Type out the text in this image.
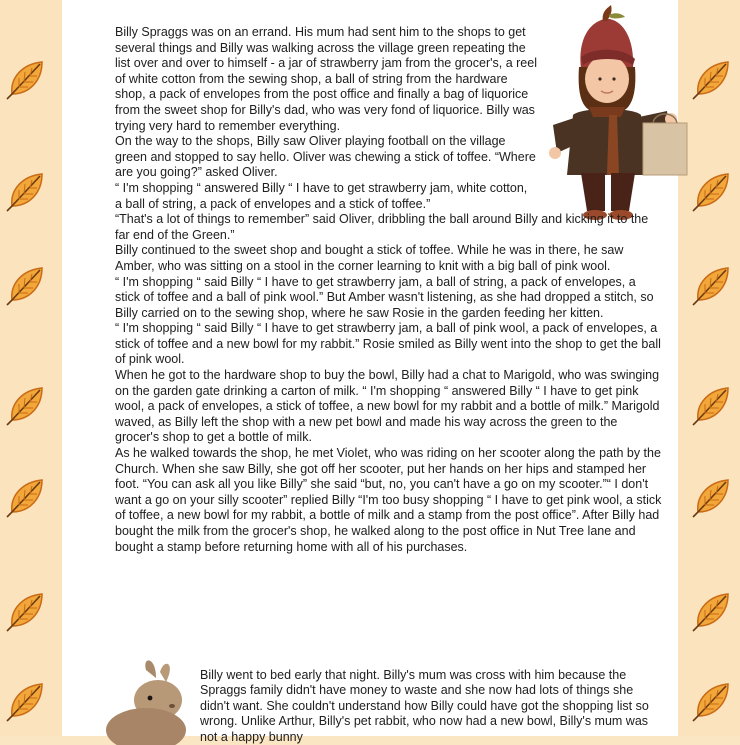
Billy Spraggs was on an errand. His mum had sent him to the shops to get several things and Billy was walking across the village green repeating the list over and over to himself - a jar of strawberry jam from the grocer's, a reel of white cotton from the sewing shop, a ball of string from the hardware shop, a pack of envelopes from the post office and finally a bag of liquorice from the sweet shop for Billy's dad, who was very fond of liquorice. Billy was trying very hard to remember everything.

On the way to the shops, Billy saw Oliver playing football on the village green and stopped to say hello. Oliver was chewing a stick of toffee. “Where are you going?” asked Oliver.

“ I'm shopping “ answered Billy “ I have to get strawberry jam, white cotton, a ball of string, a pack of envelopes and a stick of toffee.”

“That's a lot of things to remember” said Oliver, dribbling the ball around Billy and kicking it to the far end of the Green.”

Billy continued to the sweet shop and bought a stick of toffee. While he was in there, he saw Amber, who was sitting on a stool in the corner learning to knit with a big ball of pink wool.

“ I'm shopping “ said Billy “ I have to get strawberry jam, a ball of string, a pack of envelopes, a stick of toffee and a ball of pink wool.” But Amber wasn't listening, as she had dropped a stitch, so Billy carried on to the sewing shop, where he saw Rosie in the garden feeding her kitten.

“ I'm shopping “ said Billy “ I have to get strawberry jam, a ball of pink wool, a pack of envelopes, a stick of toffee and a new bowl for my rabbit.” Rosie smiled as Billy went into the shop to get the ball of pink wool.

When he got to the hardware shop to buy the bowl, Billy had a chat to Marigold, who was swinging on the garden gate drinking a carton of milk. “ I'm shopping “ answered Billy “ I have to get pink wool, a pack of envelopes, a stick of toffee, a new bowl for my rabbit and a bottle of milk.” Marigold waved, as Billy left the shop with a new pet bowl and made his way across the green to the grocer's shop to get a bottle of milk.

As he walked towards the shop, he met Violet, who was riding on her scooter along the path by the Church. When she saw Billy, she got off her scooter, put her hands on her hips and stamped her foot. “You can ask all you like Billy” she said “but, no, you can't have a go on my scooter.”“ I don't want a go on your silly scooter” replied Billy “I'm too busy shopping “ I have to get pink wool, a stick of toffee, a new bowl for my rabbit, a bottle of milk and a stamp from the post office”. After Billy had bought the milk from the grocer's shop, he walked along to the post office in Nut Tree lane and bought a stamp before returning home with all of his purchases.

Billy went to bed early that night. Billy's mum was cross with him because the Spraggs family didn't have money to waste and she now had lots of things she didn't want. She couldn't understand how Billy could have got the shopping list so wrong. Unlike Arthur, Billy's pet rabbit, who now had a new bowl, Billy's mum was not a happy bunny
